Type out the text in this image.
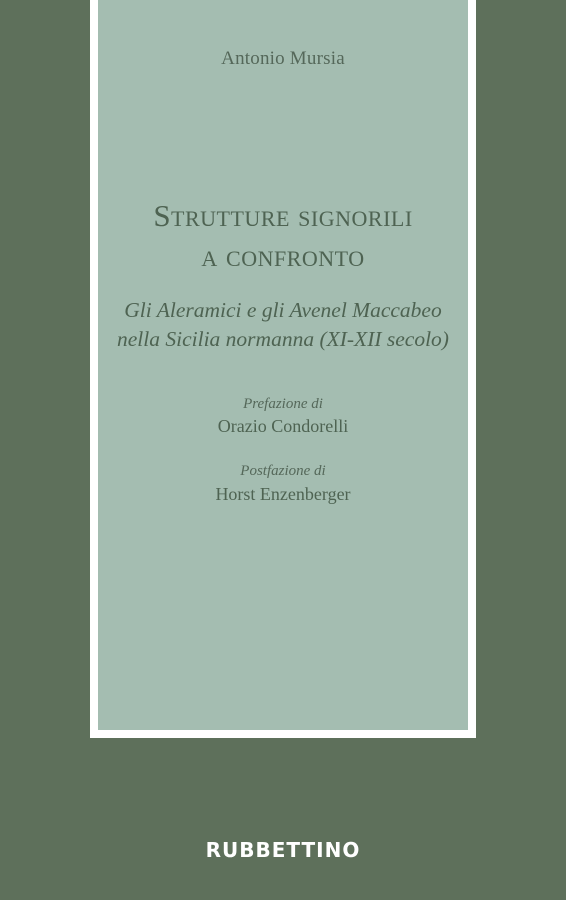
Antonio Mursia
Strutture signorili
a confronto
Gli Aleramici e gli Avenel Maccabeo
nella Sicilia normanna (XI-XII secolo)
Prefazione di
Orazio Condorelli
Postfazione di
Horst Enzenberger
RUBBETTINO
